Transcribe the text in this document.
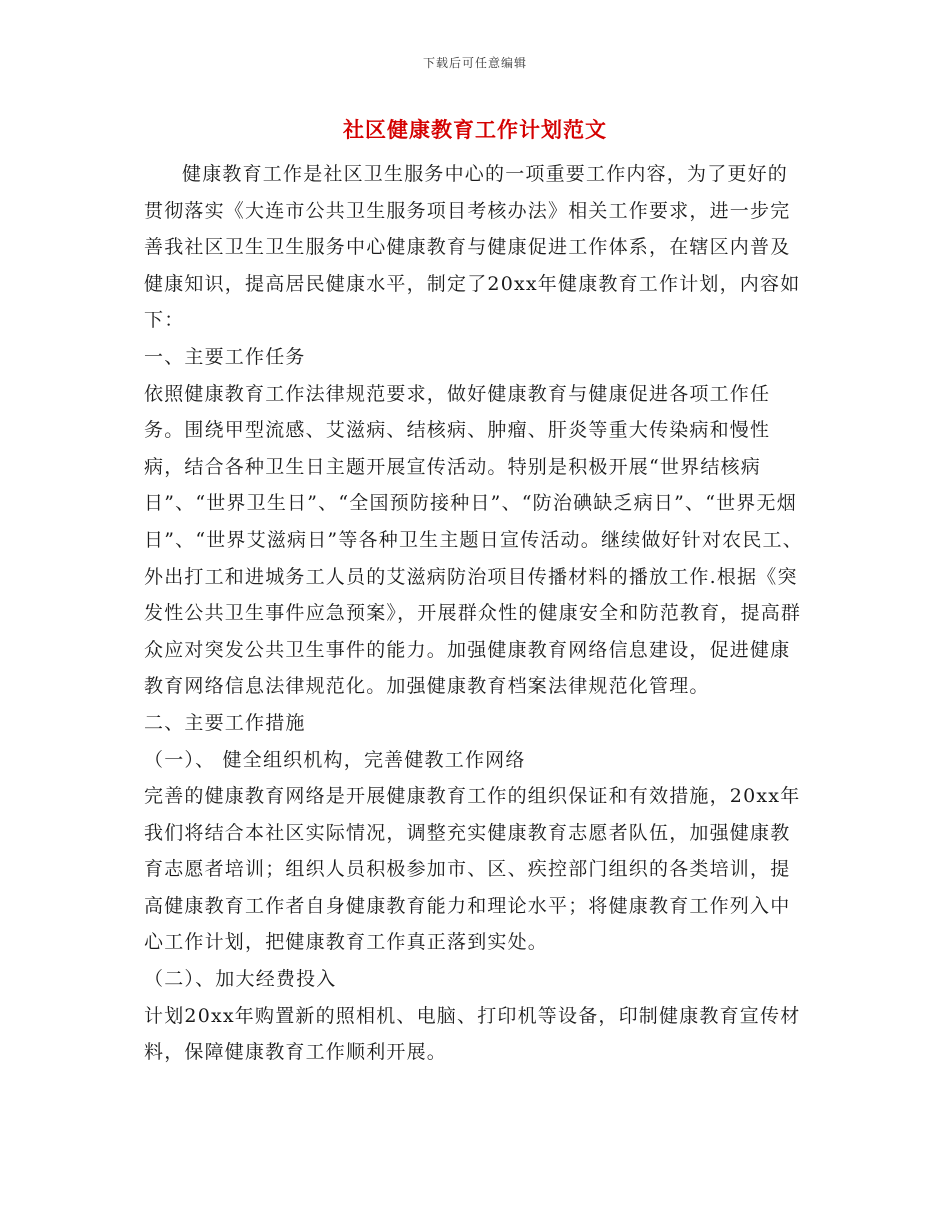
下载后可任意编辑
社区健康教育工作计划范文

健康教育工作是社区卫生服务中心的一项重要工作内容，为了更好的贯彻落实《大连市公共卫生服务项目考核办法》相关工作要求，进一步完善我社区卫生卫生服务中心健康教育与健康促进工作体系，在辖区内普及健康知识，提高居民健康水平，制定了20xx年健康教育工作计划，内容如下：

一、主要工作任务

依照健康教育工作法律规范要求，做好健康教育与健康促进各项工作任务。围绕甲型流感、艾滋病、结核病、肿瘤、肝炎等重大传染病和慢性病，结合各种卫生日主题开展宣传活动。特别是积极开展“世界结核病日”、“世界卫生日”、“全国预防接种日”、“防治碘缺乏病日”、“世界无烟日”、“世界艾滋病日”等各种卫生主题日宣传活动。继续做好针对农民工、外出打工和进城务工人员的艾滋病防治项目传播材料的播放工作.根据《突发性公共卫生事件应急预案》，开展群众性的健康安全和防范教育，提高群众应对突发公共卫生事件的能力。加强健康教育网络信息建设，促进健康教育网络信息法律规范化。加强健康教育档案法律规范化管理。

二、主要工作措施

（一）、 健全组织机构，完善健教工作网络

完善的健康教育网络是开展健康教育工作的组织保证和有效措施，20xx年我们将结合本社区实际情况，调整充实健康教育志愿者队伍，加强健康教育志愿者培训；组织人员积极参加市、区、疾控部门组织的各类培训，提高健康教育工作者自身健康教育能力和理论水平；将健康教育工作列入中心工作计划，把健康教育工作真正落到实处。

（二）、加大经费投入

计划20xx年购置新的照相机、电脑、打印机等设备，印制健康教育宣传材料，保障健康教育工作顺利开展。
